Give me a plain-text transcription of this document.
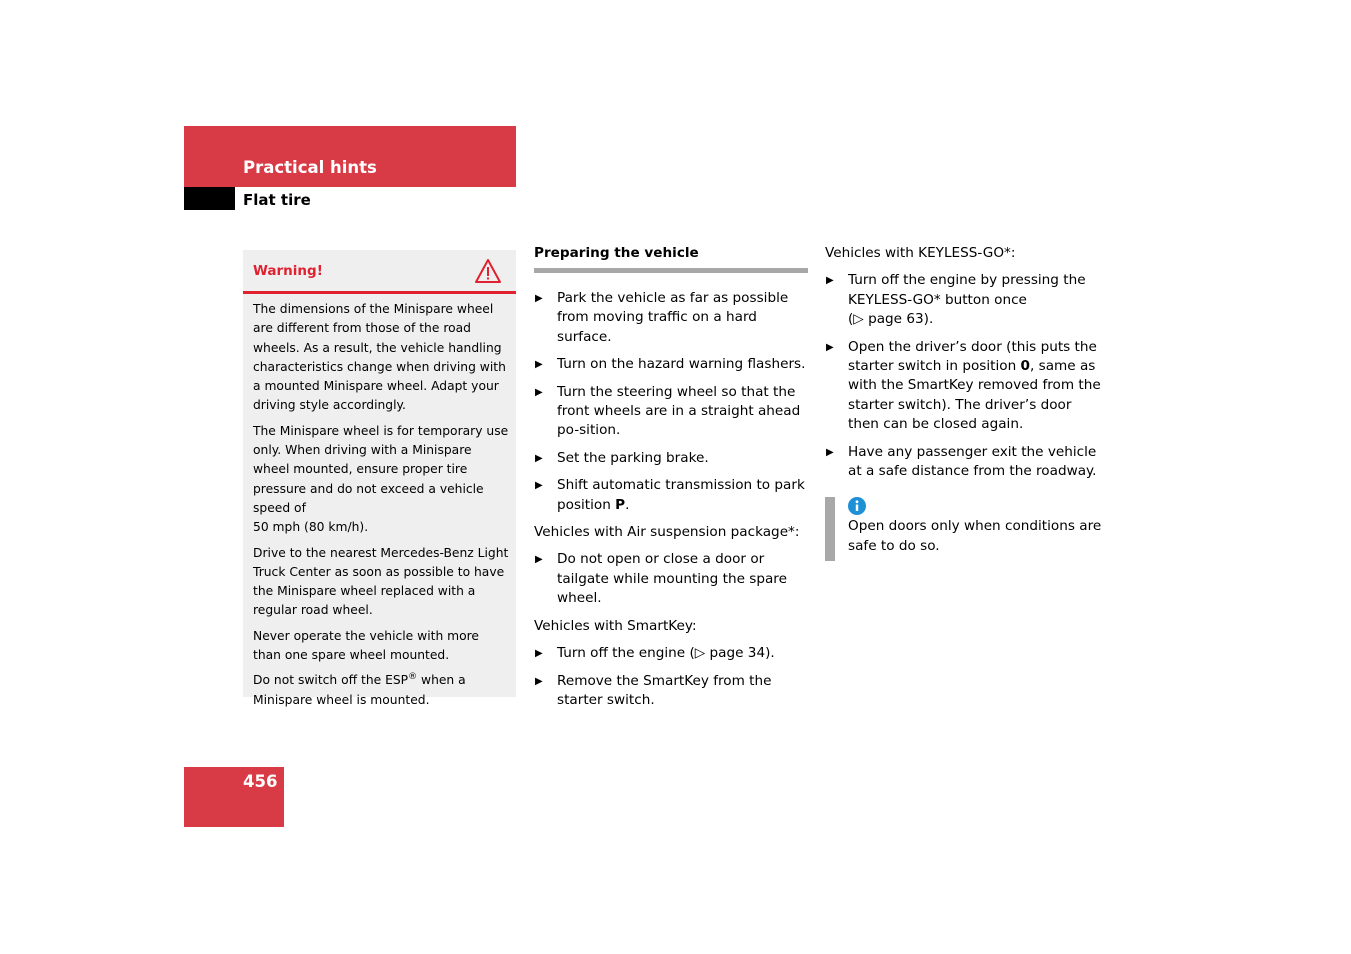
Practical hints
Flat tire
Warning!

The dimensions of the Minispare wheel are different from those of the road wheels. As a result, the vehicle handling characteristics change when driving with a mounted Minispare wheel. Adapt your driving style accordingly.

The Minispare wheel is for temporary use only. When driving with a Minispare wheel mounted, ensure proper tire pressure and do not exceed a vehicle speed of
50 mph (80 km/h).

Drive to the nearest Mercedes-Benz Light Truck Center as soon as possible to have the Minispare wheel replaced with a regular road wheel.

Never operate the vehicle with more than one spare wheel mounted.

Do not switch off the ESP® when a Minispare wheel is mounted.

Preparing the vehicle
▶ Park the vehicle as far as possible from moving traffic on a hard surface.
▶ Turn on the hazard warning flashers.
▶ Turn the steering wheel so that the front wheels are in a straight ahead po-sition.
▶ Set the parking brake.
▶ Shift automatic transmission to park position P.
Vehicles with Air suspension package*:
▶ Do not open or close a door or tailgate while mounting the spare wheel.
Vehicles with SmartKey:
▶ Turn off the engine (▷ page 34).
▶ Remove the SmartKey from the starter switch.
Vehicles with KEYLESS-GO*:
▶ Turn off the engine by pressing the KEYLESS-GO* button once
(▷ page 63).
▶ Open the driver’s door (this puts the starter switch in position 0, same as with the SmartKey removed from the starter switch). The driver’s door then can be closed again.
▶ Have any passenger exit the vehicle at a safe distance from the roadway.
Open doors only when conditions are safe to do so.
456
